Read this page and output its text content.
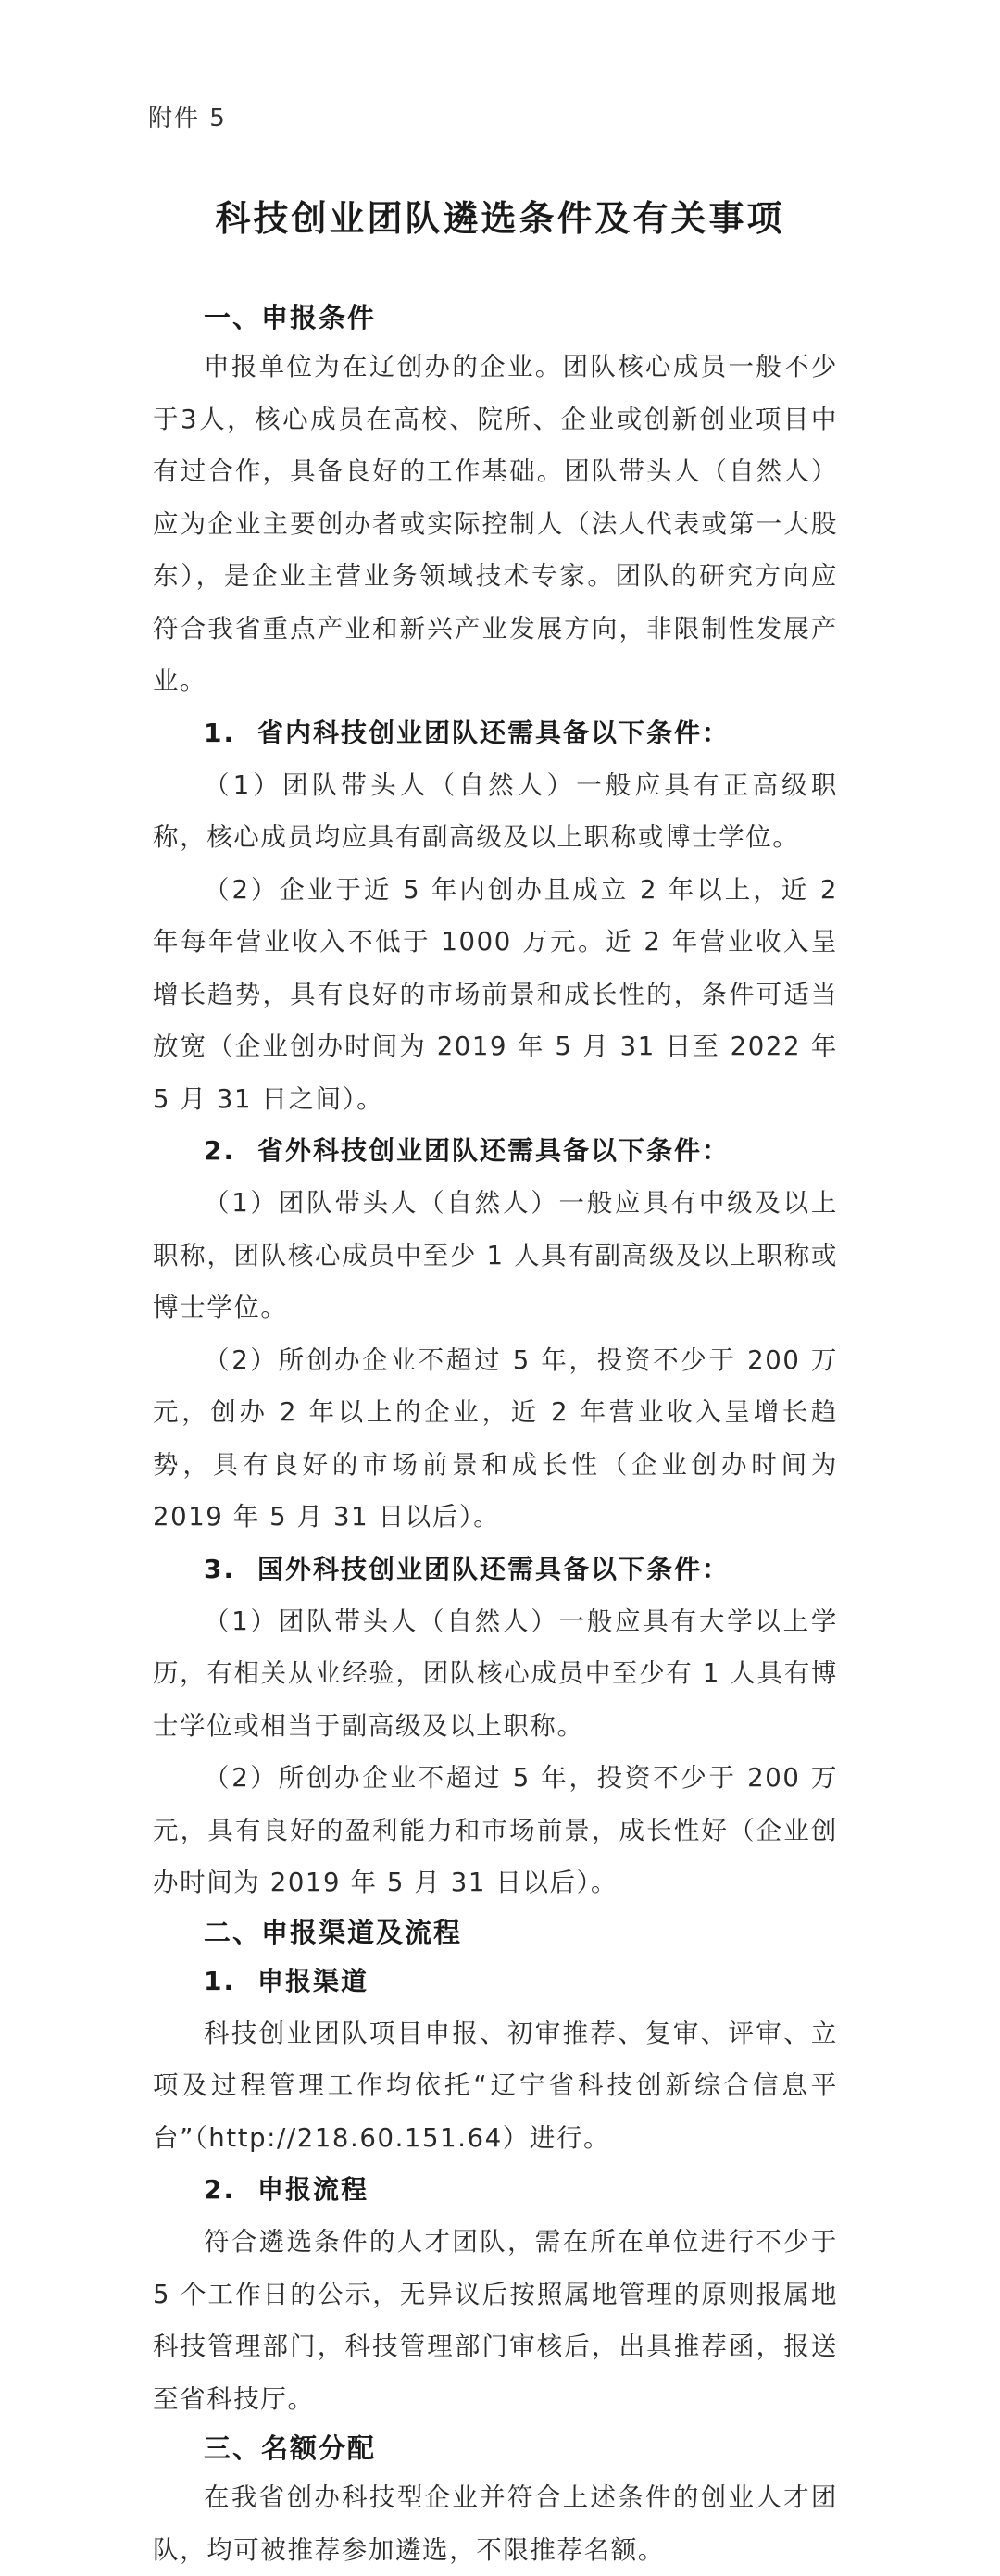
附件 5
科技创业团队遴选条件及有关事项
一、申报条件

申报单位为在辽创办的企业。团队核心成员一般不少于3人，核心成员在高校、院所、企业或创新创业项目中有过合作，具备良好的工作基础。团队带头人（自然人）应为企业主要创办者或实际控制人（法人代表或第一大股东），是企业主营业务领域技术专家。团队的研究方向应符合我省重点产业和新兴产业发展方向，非限制性发展产业。

1. 省内科技创业团队还需具备以下条件：

（1）团队带头人（自然人）一般应具有正高级职称，核心成员均应具有副高级及以上职称或博士学位。

（2）企业于近 5 年内创办且成立 2 年以上，近 2 年每年营业收入不低于 1000 万元。近 2 年营业收入呈增长趋势，具有良好的市场前景和成长性的，条件可适当放宽（企业创办时间为 2019 年 5 月 31 日至 2022 年 5 月 31 日之间）。

2. 省外科技创业团队还需具备以下条件：

（1）团队带头人（自然人）一般应具有中级及以上职称，团队核心成员中至少 1 人具有副高级及以上职称或博士学位。

（2）所创办企业不超过 5 年，投资不少于 200 万元，创办 2 年以上的企业，近 2 年营业收入呈增长趋势，具有良好的市场前景和成长性（企业创办时间为 2019 年 5 月 31 日以后）。

3. 国外科技创业团队还需具备以下条件：

（1）团队带头人（自然人）一般应具有大学以上学历，有相关从业经验，团队核心成员中至少有 1 人具有博士学位或相当于副高级及以上职称。

（2）所创办企业不超过 5 年，投资不少于 200 万元，具有良好的盈利能力和市场前景，成长性好（企业创办时间为 2019 年 5 月 31 日以后）。

二、申报渠道及流程
1. 申报渠道

科技创业团队项目申报、初审推荐、复审、评审、立项及过程管理工作均依托“辽宁省科技创新综合信息平台”（http://218.60.151.64）进行。

2. 申报流程

符合遴选条件的人才团队，需在所在单位进行不少于 5 个工作日的公示，无异议后按照属地管理的原则报属地科技管理部门，科技管理部门审核后，出具推荐函，报送至省科技厅。

三、名额分配

在我省创办科技型企业并符合上述条件的创业人才团队，均可被推荐参加遴选，不限推荐名额。
